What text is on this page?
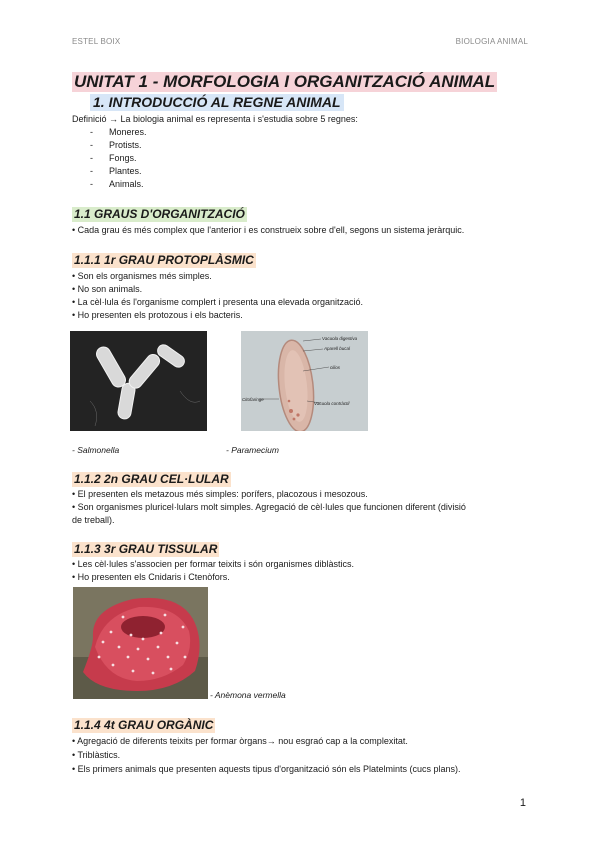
ESTEL BOIX	BIOLOGIA ANIMAL
UNITAT 1 - MORFOLOGIA I ORGANITZACIÓ ANIMAL
1. INTRODUCCIÓ AL REGNE ANIMAL
Definició → La biologia animal es representa i s'estudia sobre 5 regnes:
- Moneres.
- Protists.
- Fongs.
- Plantes.
- Animals.
1.1 GRAUS D'ORGANITZACIÓ
• Cada grau és més complex que l'anterior i es construeix sobre d'ell, segons un sistema jeràrquic.
1.1.1 1r GRAU PROTOPLÀSMIC
• Son els organismes més simples.
• No son animals.
• La cèl·lula és l'organisme complert i presenta una elevada organització.
• Ho presenten els protozous i els bacteris.
Vacuola digestiva
Aparell bucal
cilios
Citofaringe
Vacuola contràctil
- Salmonella	- Paramecium
1.1.2 2n GRAU CEL·LULAR
• El presenten els metazous més simples: porífers, placozous i mesozous.
• Son organismes pluricel·lulars molt simples. Agregació de cèl·lules que funcionen diferent (divisió
de treball).
1.1.3 3r GRAU TISSULAR
• Les cèl·lules s'associen per formar teixits i són organismes diblàstics.
• Ho presenten els Cnidaris i Ctenòfors.
- Anèmona vermella
1.1.4 4t GRAU ORGÀNIC
• Agregació de diferents teixits per formar òrgans→ nou esgraó cap a la complexitat.
• Triblàstics.
• Els primers animals que presenten aquests tipus d'organització són els Platelmints (cucs plans).
1
